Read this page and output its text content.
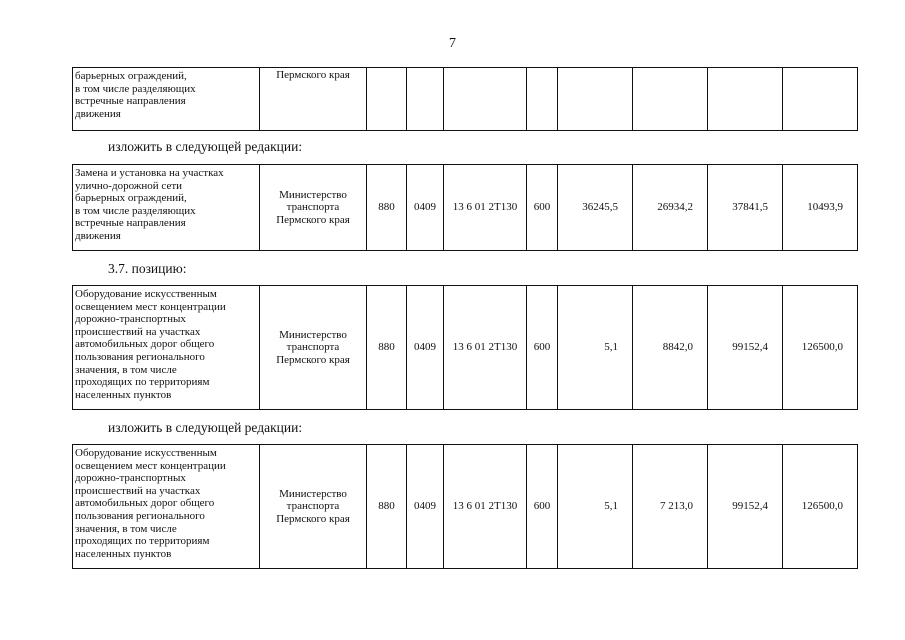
7
барьерных ограждений,
в том числе разделяющих
встречные направления
движения	Пермского края								
изложить в следующей редакции:
Замена и установка на участках
улично-дорожной сети
барьерных ограждений,
в том числе разделяющих
встречные направления
движения	Министерство
транспорта
Пермского края	880	0409	13 6 01 2Т130	600	36245,5	26934,2	37841,5	10493,9
3.7. позицию:
Оборудование искусственным
освещением мест концентрации
дорожно-транспортных
происшествий на участках
автомобильных дорог общего
пользования регионального
значения, в том числе
проходящих по территориям
населенных пунктов	Министерство
транспорта
Пермского края	880	0409	13 6 01 2Т130	600	5,1	8842,0	99152,4	126500,0
изложить в следующей редакции:
Оборудование искусственным
освещением мест концентрации
дорожно-транспортных
происшествий на участках
автомобильных дорог общего
пользования регионального
значения, в том числе
проходящих по территориям
населенных пунктов	Министерство
транспорта
Пермского края	880	0409	13 6 01 2Т130	600	5,1	7 213,0	99152,4	126500,0
